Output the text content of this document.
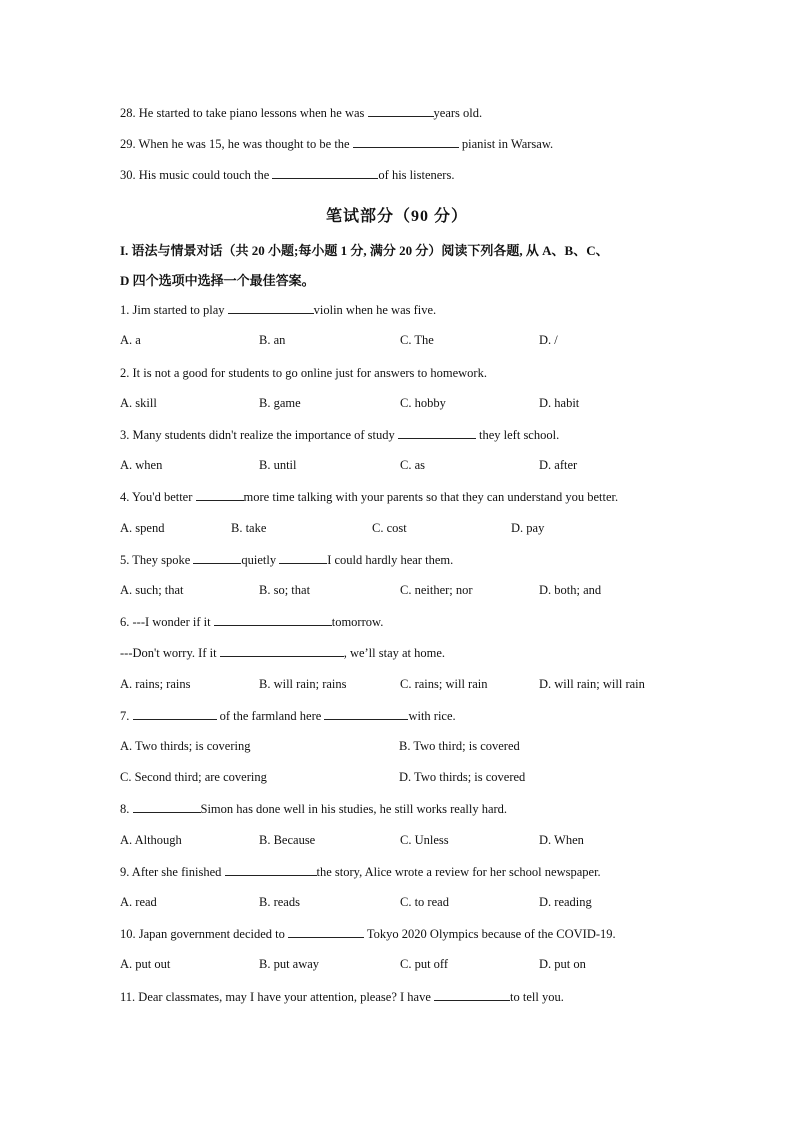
28. He started to take piano lessons when he was	years old.
29. When he was 15, he was thought to be the	pianist in Warsaw.
30. His music could touch the	of his listeners.
笔试部分（90 分）
I. 语法与情景对话（共 20 小题;每小题 1 分, 满分 20 分）阅读下列各题, 从 A、B、C、
D 四个选项中选择一个最佳答案。
1. Jim started to play	violin when he was five.
A. a	B. an	C. The	D. /
2. It is not a good for students to go online just for answers to homework.
A. skill	B. game	C. hobby	D. habit
3. Many students didn't realize the importance of study	they left school.
A. when	B. until	C. as	D. after
4. You'd better	more time talking with your parents so that they can understand you better.
A. spend	B. take	C. cost	D. pay
5. They spoke	quietly	I could hardly hear them.
A. such; that	B. so; that	C. neither; nor	D. both; and
6. ---I wonder if it	tomorrow.
---Don't worry. If it	, we’ll stay at home.
A. rains; rains	B. will rain; rains	C. rains; will rain	D. will rain; will rain
7.	of the farmland here	with rice.
A. Two thirds; is covering	B. Two third; is covered
C. Second third; are covering	D. Two thirds; is covered
8.	Simon has done well in his studies, he still works really hard.
A. Although	B. Because	C. Unless	D. When
9. After she finished	the story, Alice wrote a review for her school newspaper.
A. read	B. reads	C. to read	D. reading
10. Japan government decided to	Tokyo 2020 Olympics because of the COVID-19.
A. put out	B. put away	C. put off	D. put on
11. Dear classmates, may I have your attention, please? I have	to tell you.
